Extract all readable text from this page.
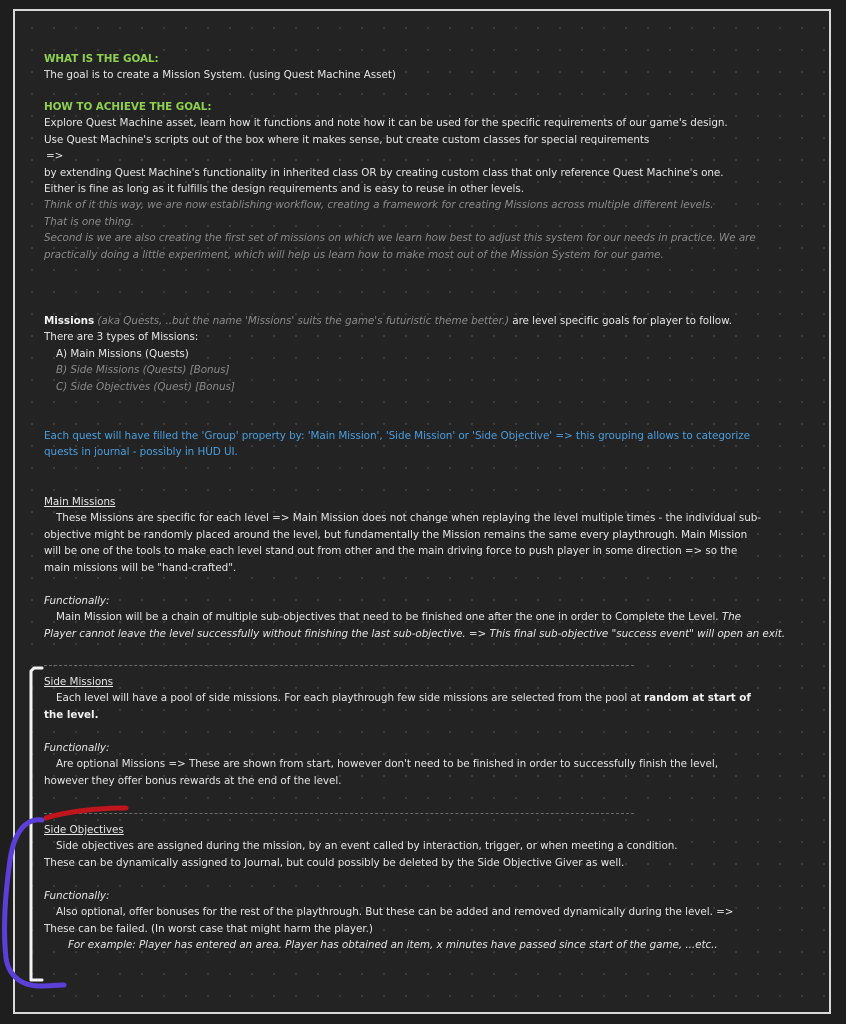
WHAT IS THE GOAL:
The goal is to create a Mission System. (using Quest Machine Asset)
HOW TO ACHIEVE THE GOAL:
Explore Quest Machine asset, learn how it functions and note how it can be used for the specific requirements of our game's design.
Use Quest Machine's scripts out of the box where it makes sense, but create custom classes for special requirements
=>
by extending Quest Machine's functionality in inherited class OR by creating custom class that only reference Quest Machine's one.
Either is fine as long as it fulfills the design requirements and is easy to reuse in other levels.
Think of it this way, we are now establishing workflow, creating a framework for creating Missions across multiple different levels.
That is one thing.
Second is we are also creating the first set of missions on which we learn how best to adjust this system for our needs in practice. We are
practically doing a little experiment, which will help us learn how to make most out of the Mission System for our game.
Missions (aka Quests, ..but the name 'Missions' suits the game's futuristic theme better.) are level specific goals for player to follow.
There are 3 types of Missions:
A) Main Missions (Quests)
B) Side Missions (Quests) [Bonus]
C) Side Objectives (Quest) [Bonus]
Each quest will have filled the 'Group' property by: 'Main Mission', 'Side Mission' or 'Side Objective' => this grouping allows to categorize
quests in journal - possibly in HUD UI.
Main Missions
These Missions are specific for each level => Main Mission does not change when replaying the level multiple times - the individual sub-
objective might be randomly placed around the level, but fundamentally the Mission remains the same every playthrough. Main Mission
will be one of the tools to make each level stand out from other and the main driving force to push player in some direction => so the
main missions will be "hand-crafted".
Functionally:
Main Mission will be a chain of multiple sub-objectives that need to be finished one after the one in order to Complete the Level. The
Player cannot leave the level successfully without finishing the last sub-objective. => This final sub-objective "success event" will open an exit.
Side Missions
Each level will have a pool of side missions. For each playthrough few side missions are selected from the pool at random at start of
the level.
Functionally:
Are optional Missions => These are shown from start, however don't need to be finished in order to successfully finish the level,
however they offer bonus rewards at the end of the level.
Side Objectives
Side objectives are assigned during the mission, by an event called by interaction, trigger, or when meeting a condition.
These can be dynamically assigned to Journal, but could possibly be deleted by the Side Objective Giver as well.
Functionally:
Also optional, offer bonuses for the rest of the playthrough. But these can be added and removed dynamically during the level. =>
These can be failed. (In worst case that might harm the player.)
For example: Player has entered an area. Player has obtained an item, x minutes have passed since start of the game, ...etc..
